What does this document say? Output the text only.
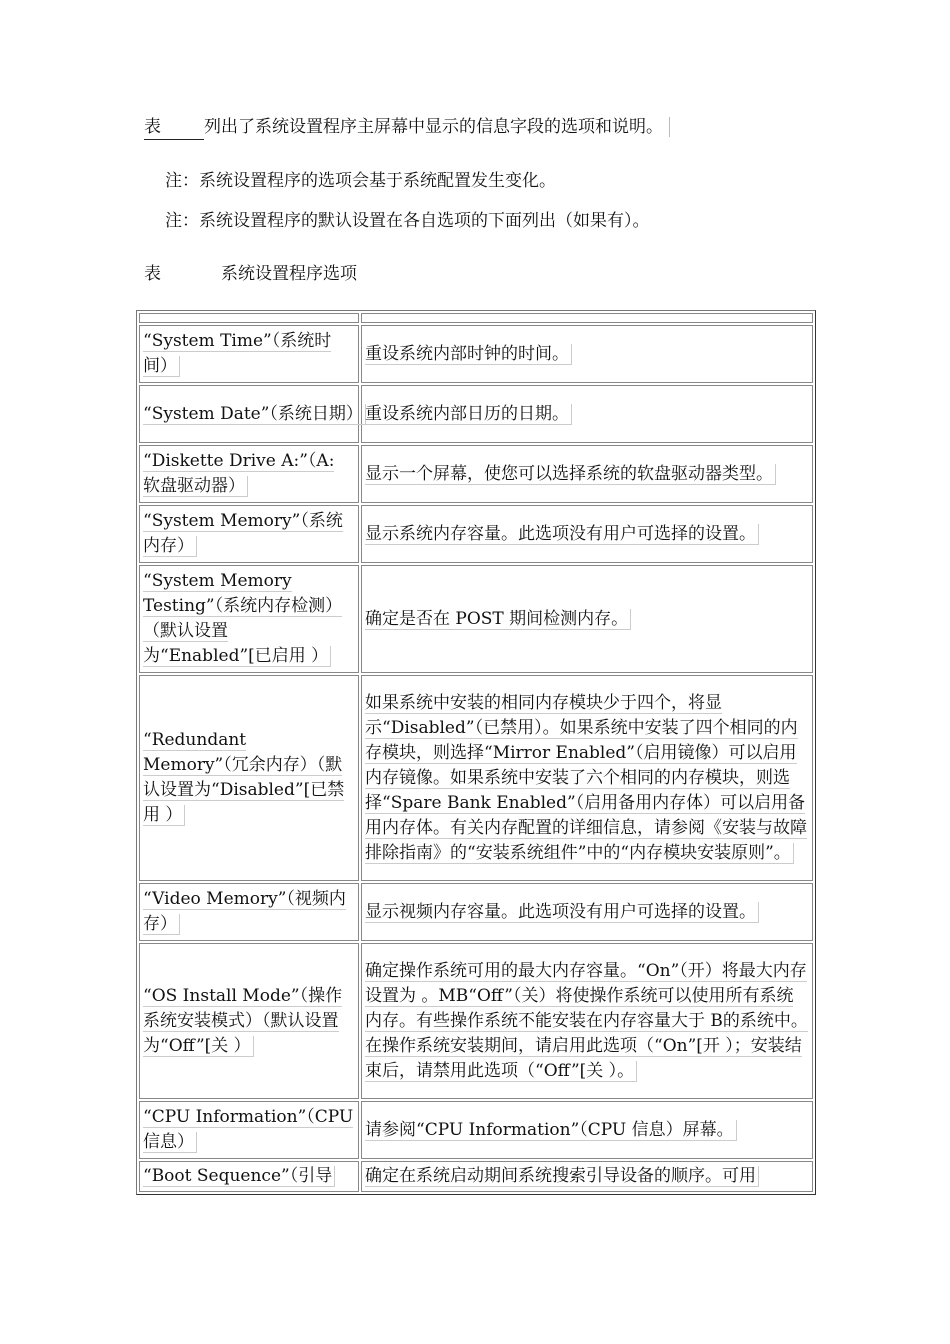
表	列出了系统设置程序主屏幕中显示的信息字段的选项和说明。
注：系统设置程序的选项会基于系统配置发生变化。
注：系统设置程序的默认设置在各自选项的下面列出（如果有）。
表	系统设置程序选项

“System Time”（系统时间）	重设系统内部时钟的时间。
“System Date”（系统日期）	重设系统内部日历的日期。
“Diskette Drive A:”（A: 软盘驱动器）	显示一个屏幕，使您可以选择系统的软盘驱动器类型。
“System Memory”（系统内存）	显示系统内存容量。此选项没有用户可选择的设置。
“System Memory Testing”（系统内存检测）（默认设置为“Enabled”[已启用 ）	确定是否在 POST 期间检测内存。
“Redundant Memory”（冗余内存）（默认设置为“Disabled”[已禁用 ）	如果系统中安装的相同内存模块少于四个，将显示“Disabled”（已禁用）。如果系统中安装了四个相同的内存模块，则选择“Mirror Enabled”（启用镜像）可以启用内存镜像。如果系统中安装了六个相同的内存模块，则选择“Spare Bank Enabled”（启用备用内存体）可以启用备用内存体。有关内存配置的详细信息，请参阅《安装与故障排除指南》的“安装系统组件”中的“内存模块安装原则”。
“Video Memory”（视频内存）	显示视频内存容量。此选项没有用户可选择的设置。
“OS Install Mode”（操作系统安装模式）（默认设置为“Off”[关 ）	确定操作系统可用的最大内存容量。“On”（开）将最大内存设置为 。MB“Off”（关）将使操作系统可以使用所有系统内存。有些操作系统不能安装在内存容量大于 B的系统中。在操作系统安装期间，请启用此选项（“On”[开 ）；安装结束后，请禁用此选项（“Off”[关 ）。
“CPU Information”（CPU 信息）	请参阅“CPU Information”（CPU 信息）屏幕。
“Boot Sequence”（引导	确定在系统启动期间系统搜索引导设备的顺序。可用
